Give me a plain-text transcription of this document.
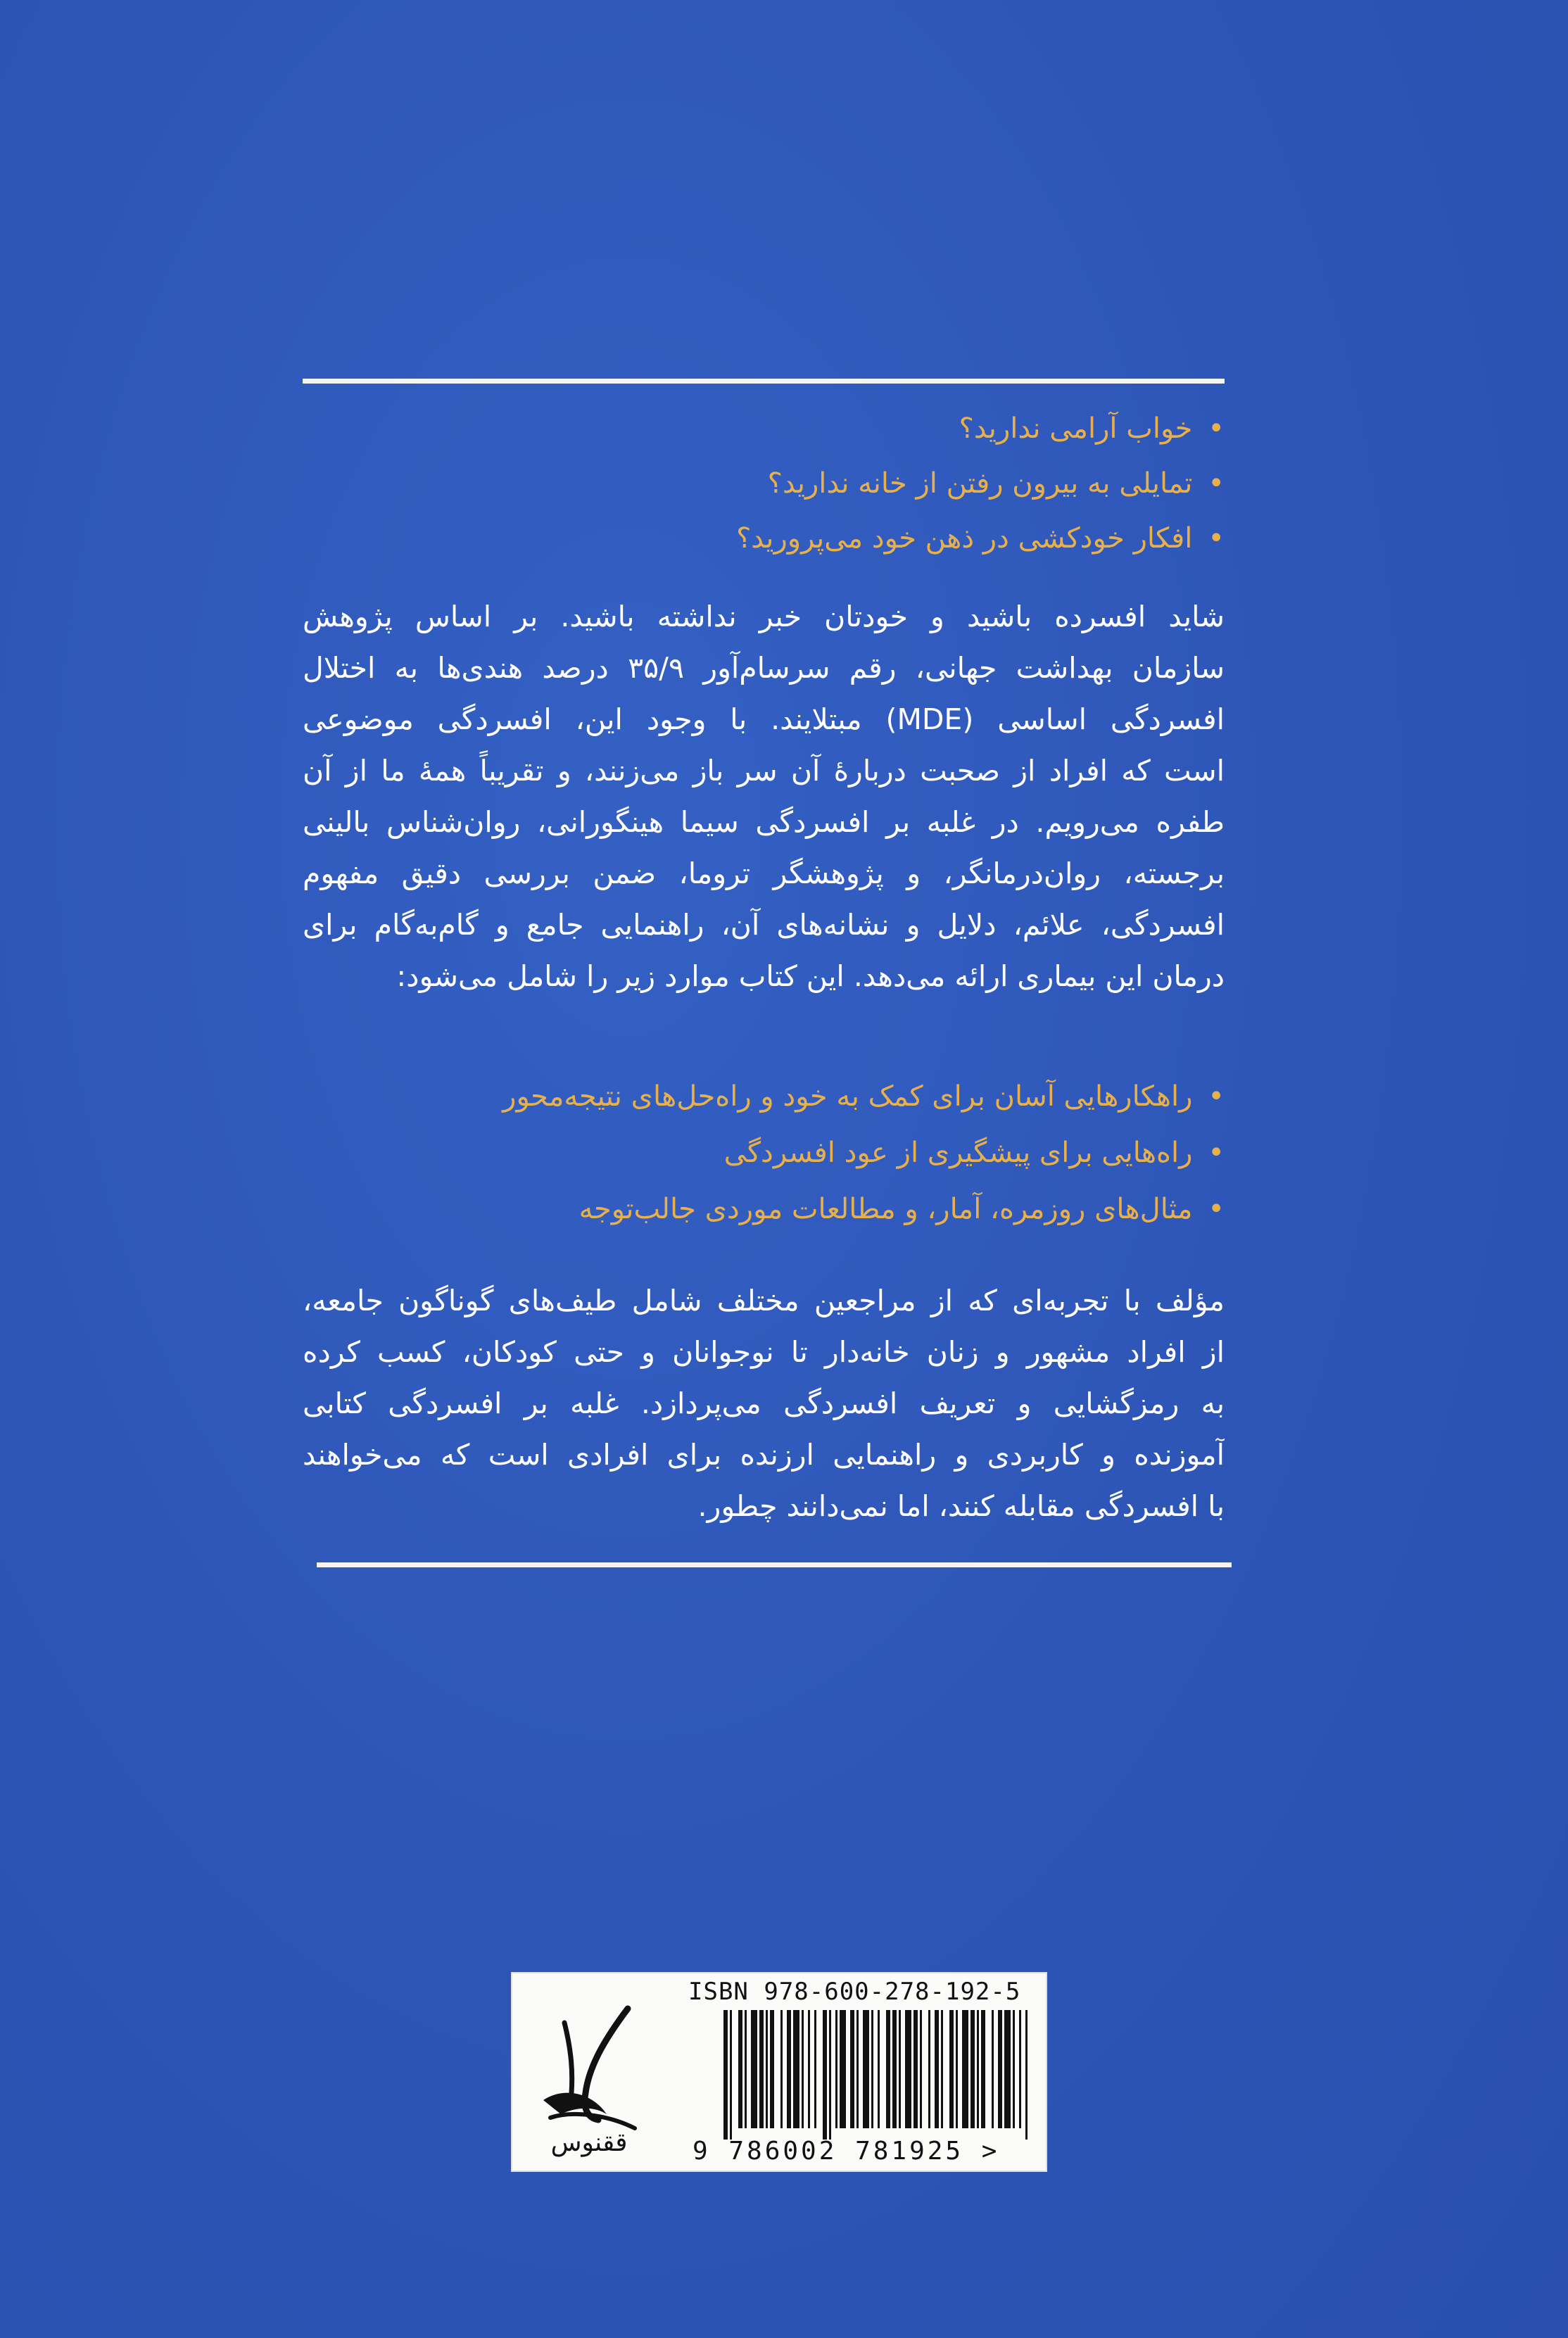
•
خواب آرامی ندارید؟
•
تمایلی به بیرون رفتن از خانه ندارید؟
•
افکار خودکشی در ذهن خود می‌پرورید؟
شاید افسرده باشید و خودتان خبر نداشته باشید. بر اساس پژوهش
سازمان بهداشت جهانی، رقم سرسام‌آور ۳۵/۹ درصد هندی‌ها به اختلال
افسردگی اساسی (MDE) مبتلایند. با وجود این، افسردگی موضوعی
است که افراد از صحبت دربارهٔ آن سر باز می‌زنند، و تقریباً همهٔ ما از آن
طفره می‌رویم. در غلبه بر افسردگی سیما هینگورانی، روان‌شناس بالینی
برجسته، روان‌درمانگر، و پژوهشگر تروما، ضمن بررسی دقیق مفهوم
افسردگی، علائم، دلایل و نشانه‌های آن، راهنمایی جامع و گام‌به‌گام برای
درمان این بیماری ارائه می‌دهد. این کتاب موارد زیر را شامل می‌شود:
•
راهکارهایی آسان برای کمک به خود و راه‌حل‌های نتیجه‌محور
•
راه‌هایی برای پیشگیری از عود افسردگی
•
مثال‌های روزمره، آمار، و مطالعات موردی جالب‌توجه
مؤلف با تجربه‌ای که از مراجعین مختلف شامل طیف‌های گوناگون جامعه،
از افراد مشهور و زنان خانه‌دار تا نوجوانان و حتی کودکان، کسب کرده
به رمزگشایی و تعریف افسردگی می‌پردازد. غلبه بر افسردگی کتابی
آموزنده و کاربردی و راهنمایی ارزنده برای افرادی است که می‌خواهند
با افسردگی مقابله کنند، اما نمی‌دانند چطور.
ققنوس
ISBN 978-600-278-192-5
9 786002 781925 >
